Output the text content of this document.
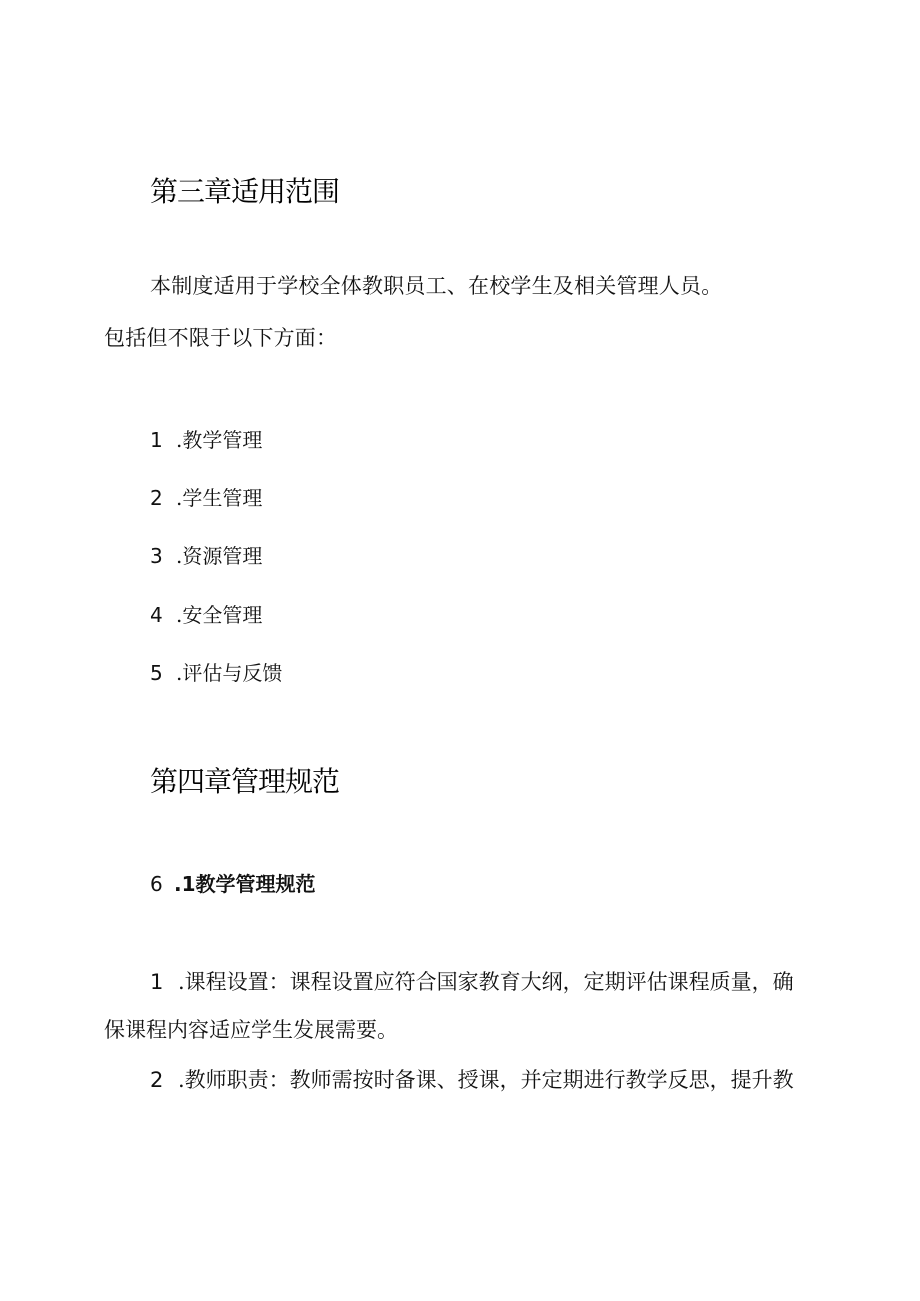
第三章适用范围
本制度适用于学校全体教职员工、在校学生及相关管理人员。
包括但不限于以下方面：
1 .教学管理
2 .学生管理
3 .资源管理
4 .安全管理
5 .评估与反馈
第四章管理规范
6 .1教学管理规范
1 .课程设置：课程设置应符合国家教育大纲，定期评估课程质量，确
保课程内容适应学生发展需要。
2 .教师职责：教师需按时备课、授课，并定期进行教学反思，提升教
